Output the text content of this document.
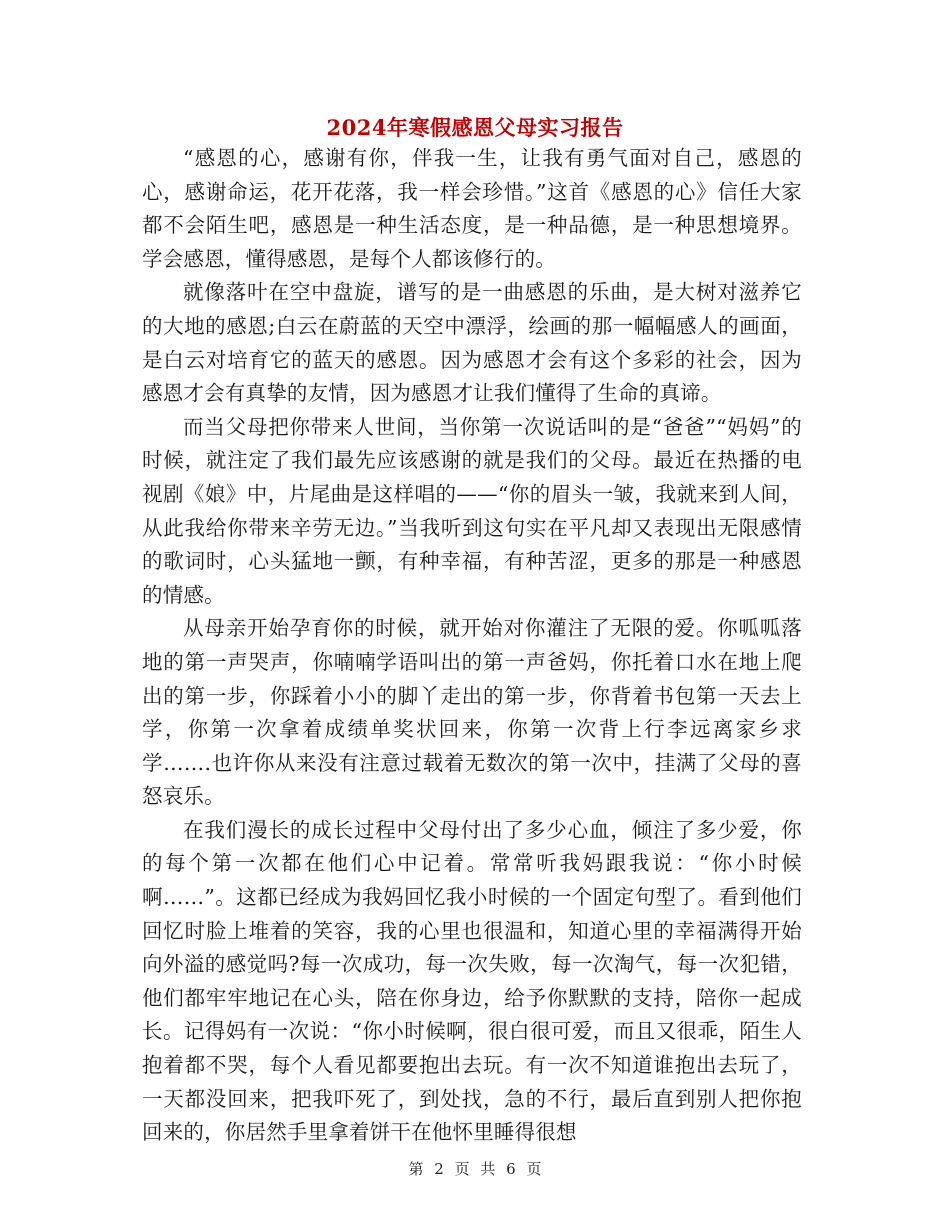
2024年寒假感恩父母实习报告

“感恩的心，感谢有你，伴我一生，让我有勇气面对自己，感恩的心，感谢命运，花开花落，我一样会珍惜。”这首《感恩的心》信任大家都不会陌生吧，感恩是一种生活态度，是一种品德，是一种思想境界。学会感恩，懂得感恩，是每个人都该修行的。

就像落叶在空中盘旋，谱写的是一曲感恩的乐曲，是大树对滋养它的大地的感恩;白云在蔚蓝的天空中漂浮，绘画的那一幅幅感人的画面，是白云对培育它的蓝天的感恩。因为感恩才会有这个多彩的社会，因为感恩才会有真挚的友情，因为感恩才让我们懂得了生命的真谛。

而当父母把你带来人世间，当你第一次说话叫的是“爸爸”“妈妈”的时候，就注定了我们最先应该感谢的就是我们的父母。最近在热播的电视剧《娘》中，片尾曲是这样唱的——“你的眉头一皱，我就来到人间，从此我给你带来辛劳无边。”当我听到这句实在平凡却又表现出无限感情的歌词时，心头猛地一颤，有种幸福，有种苦涩，更多的那是一种感恩的情感。

从母亲开始孕育你的时候，就开始对你灌注了无限的爱。你呱呱落地的第一声哭声，你喃喃学语叫出的第一声爸妈，你托着口水在地上爬出的第一步，你踩着小小的脚丫走出的第一步，你背着书包第一天去上学，你第一次拿着成绩单奖状回来，你第一次背上行李远离家乡求学…….也许你从来没有注意过载着无数次的第一次中，挂满了父母的喜怒哀乐。

在我们漫长的成长过程中父母付出了多少心血，倾注了多少爱，你的每个第一次都在他们心中记着。常常听我妈跟我说：“你小时候啊……”。这都已经成为我妈回忆我小时候的一个固定句型了。看到他们回忆时脸上堆着的笑容，我的心里也很温和，知道心里的幸福满得开始向外溢的感觉吗?每一次成功，每一次失败，每一次淘气，每一次犯错，他们都牢牢地记在心头，陪在你身边，给予你默默的支持，陪你一起成长。记得妈有一次说：“你小时候啊，很白很可爱，而且又很乖，陌生人抱着都不哭，每个人看见都要抱出去玩。有一次不知道谁抱出去玩了，一天都没回来，把我吓死了，到处找，急的不行，最后直到别人把你抱回来的，你居然手里拿着饼干在他怀里睡得很想

第 2 页 共 6 页
